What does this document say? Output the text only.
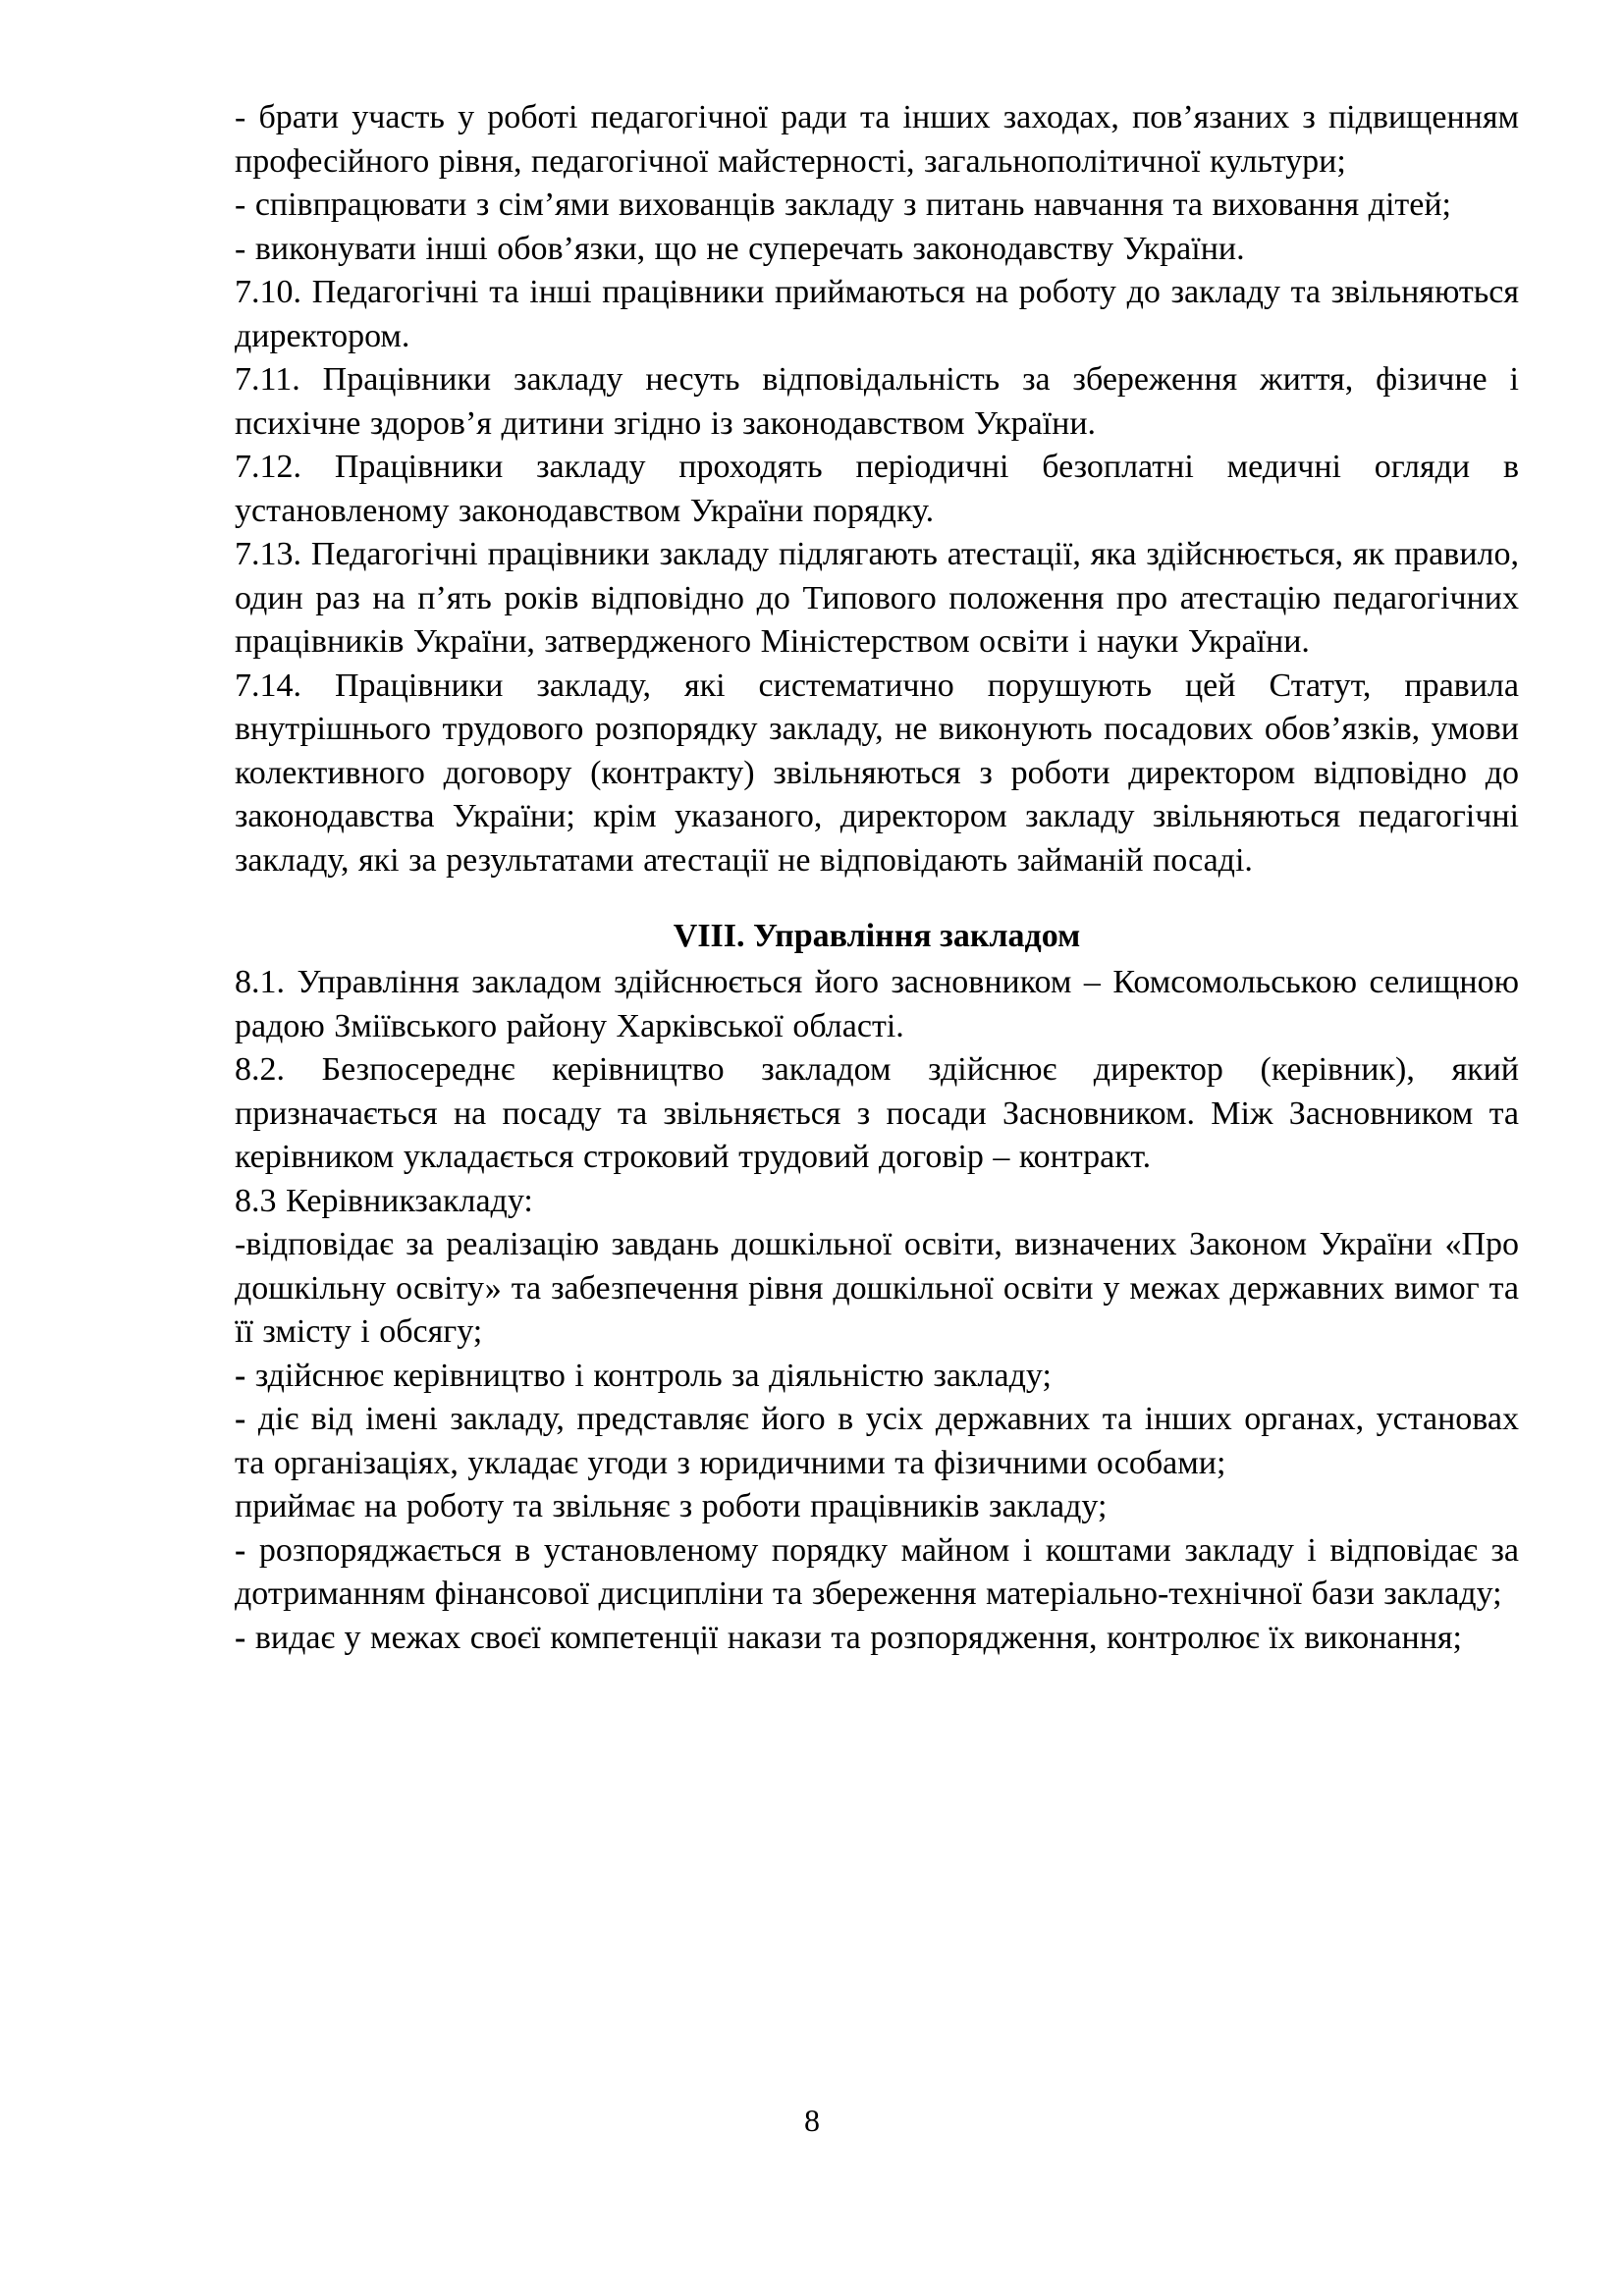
- брати участь у роботі педагогічної ради та інших заходах, пов’язаних з підвищенням професійного рівня, педагогічної майстерності, загальнополітичної культури;

- співпрацювати з сім’ями вихованців закладу з питань навчання та виховання дітей;

- виконувати інші обов’язки, що не суперечать законодавству України.

7.10. Педагогічні та інші працівники приймаються на роботу до закладу та звільняються директором.

7.11. Працівники закладу несуть відповідальність за збереження життя, фізичне і психічне здоров’я дитини згідно із законодавством України.

7.12. Працівники закладу проходять періодичні безоплатні медичні огляди в установленому законодавством України порядку.

7.13. Педагогічні працівники закладу підлягають атестації, яка здійснюється, як правило, один раз на п’ять років відповідно до Типового положення про атестацію педагогічних працівників України, затвердженого Міністерством освіти і науки України.

7.14. Працівники закладу, які систематично порушують цей Статут, правила внутрішнього трудового розпорядку закладу, не виконують посадових обов’язків, умови колективного договору (контракту) звільняються з роботи директором відповідно до законодавства України; крім указаного, директором закладу звільняються педагогічні закладу, які за результатами атестації не відповідають займаній посаді.

VIII. Управління закладом

8.1. Управління закладом здійснюється його засновником – Комсомольською селищною радою Зміївського району Харківської області.

8.2. Безпосереднє керівництво закладом здійснює директор (керівник), який призначається на посаду та звільняється з посади Засновником. Між Засновником та керівником укладається строковий трудовий договір – контракт.

8.3 Керівникзакладу:

-відповідає за реалізацію завдань дошкільної освіти, визначених Законом України «Про дошкільну освіту» та забезпечення рівня дошкільної освіти у межах державних вимог та її змісту і обсягу;

- здійснює керівництво і контроль за діяльністю закладу;

- діє від імені закладу, представляє його в усіх державних та інших органах, установах та організаціях, укладає угоди з юридичними та фізичними особами;

приймає на роботу та звільняє з роботи працівників закладу;

- розпоряджається в установленому порядку майном і коштами закладу і відповідає за дотриманням фінансової дисципліни та збереження матеріально-технічної бази закладу;

- видає у межах своєї компетенції накази та розпорядження, контролює їх виконання;

8
